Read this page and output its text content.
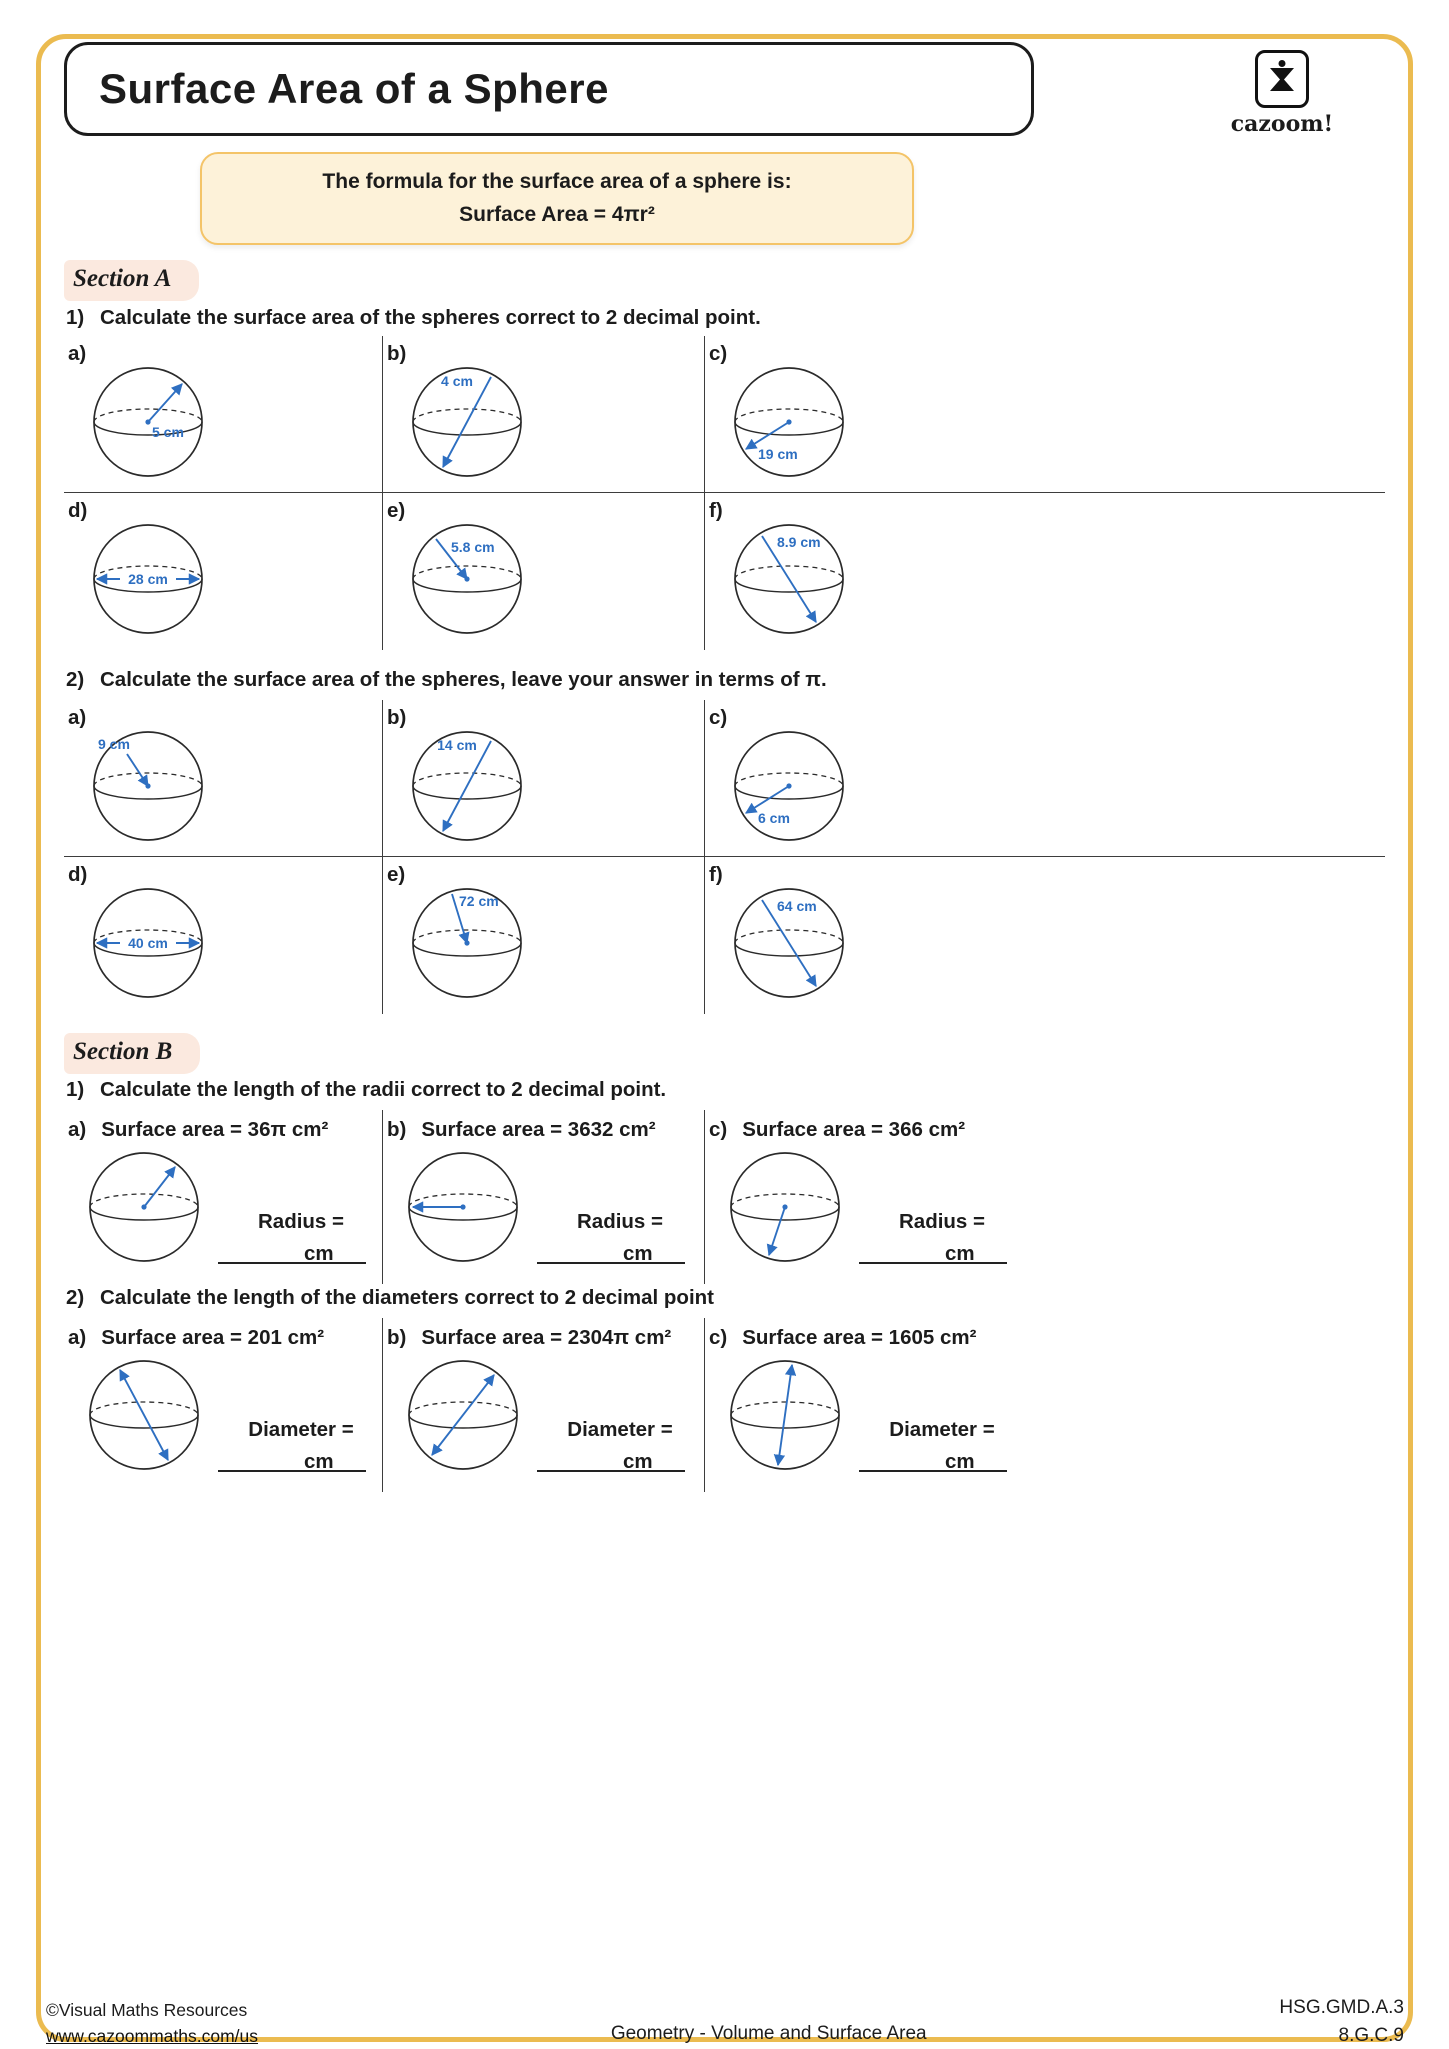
Surface Area of a Sphere
cazoom!
The formula for the surface area of a sphere is:
Surface Area = 4πr²
Section A
1) Calculate the surface area of the spheres correct to 2 decimal point.
a)
5 cm
b)
4 cm
c)
19 cm
d)
28 cm
e)
5.8 cm
f)
8.9 cm
2) Calculate the surface area of the spheres, leave your answer in terms of π.
a)
9 cm
b)
14 cm
c)
6 cm
d)
40 cm
e)
72 cm
f)
64 cm
Section B
1) Calculate the length of the radii correct to 2 decimal point.
a) Surface area = 36π cm²
Radius =
cm
b) Surface area = 3632 cm²
Radius =
cm
c) Surface area = 366 cm²
Radius =
cm
2) Calculate the length of the diameters correct to 2 decimal point
a) Surface area = 201 cm²
Diameter =
cm
b) Surface area = 2304π cm²
Diameter =
cm
c) Surface area = 1605 cm²
Diameter =
cm
©Visual Maths Resources
www.cazoommaths.com/us	Geometry - Volume and Surface Area
HSG.GMD.A.3
8.G.C.9
